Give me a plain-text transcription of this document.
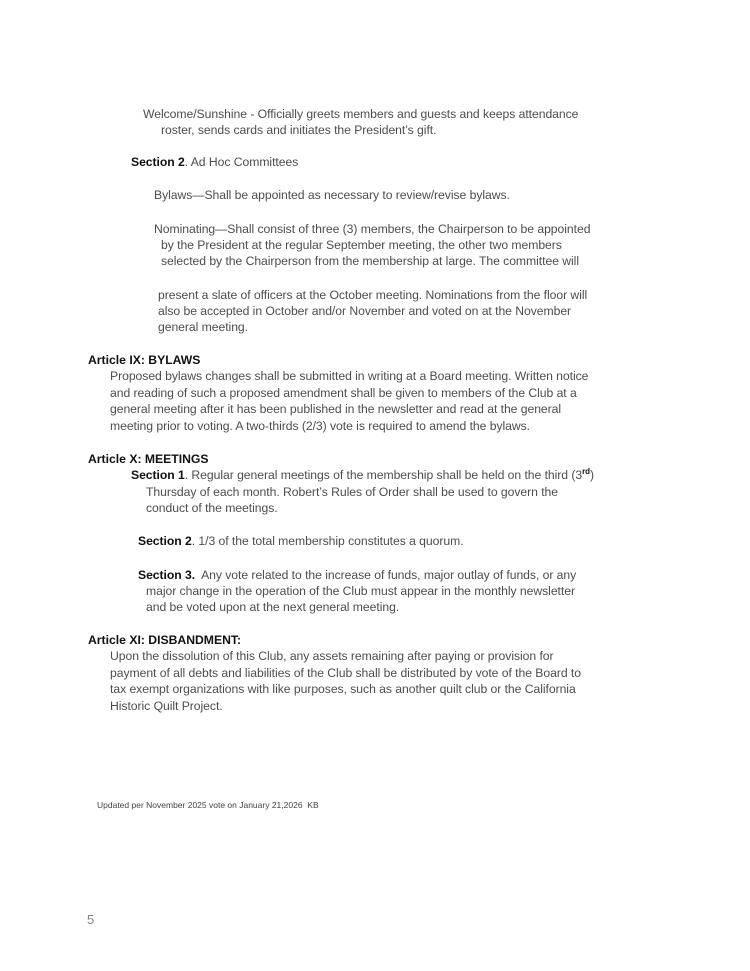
Welcome/Sunshine - Officially greets members and guests and keeps attendance
roster, sends cards and initiates the President’s gift.
Section 2. Ad Hoc Committees
Bylaws—Shall be appointed as necessary to review/revise bylaws.
Nominating—Shall consist of three (3) members, the Chairperson to be appointed
by the President at the regular September meeting, the other two members
selected by the Chairperson from the membership at large. The committee will
present a slate of officers at the October meeting. Nominations from the floor will
also be accepted in October and/or November and voted on at the November
general meeting.
Article IX: BYLAWS
Proposed bylaws changes shall be submitted in writing at a Board meeting. Written notice
and reading of such a proposed amendment shall be given to members of the Club at a
general meeting after it has been published in the newsletter and read at the general
meeting prior to voting. A two-thirds (2/3) vote is required to amend the bylaws.
Article X: MEETINGS
Section 1. Regular general meetings of the membership shall be held on the third (3rd)
Thursday of each month. Robert’s Rules of Order shall be used to govern the
conduct of the meetings.
Section 2. 1/3 of the total membership constitutes a quorum.
Section 3.  Any vote related to the increase of funds, major outlay of funds, or any
major change in the operation of the Club must appear in the monthly newsletter
and be voted upon at the next general meeting.
Article XI: DISBANDMENT:
Upon the dissolution of this Club, any assets remaining after paying or provision for
payment of all debts and liabilities of the Club shall be distributed by vote of the Board to
tax exempt organizations with like purposes, such as another quilt club or the California
Historic Quilt Project.
Updated per November 2025 vote on January 21,2026  KB
5
